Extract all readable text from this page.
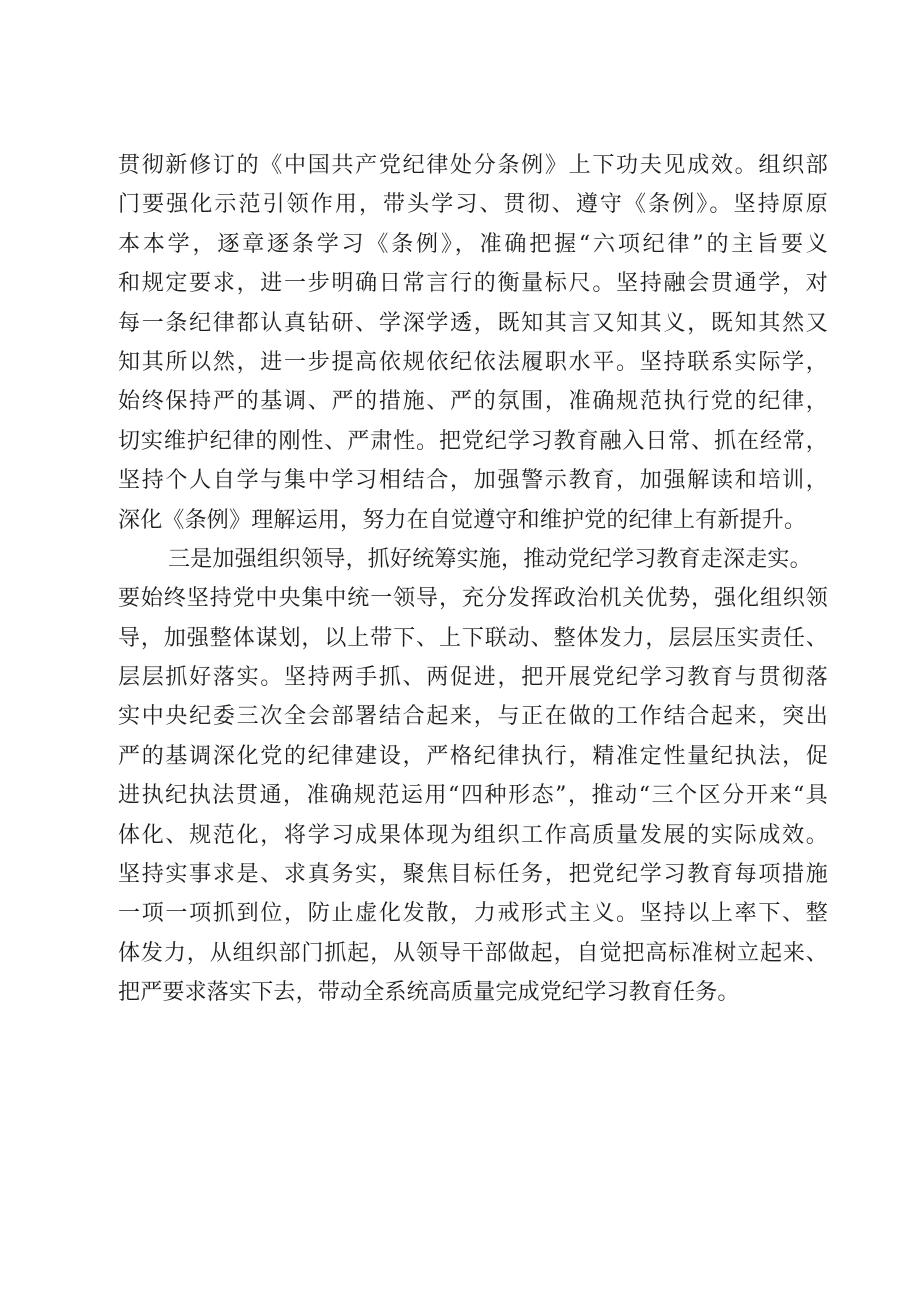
贯彻新修订的《中国共产党纪律处分条例》上下功夫见成效。组织部
门要强化示范引领作用，带头学习、贯彻、遵守《条例》。坚持原原
本本学，逐章逐条学习《条例》，准确把握“六项纪律”的主旨要义
和规定要求，进一步明确日常言行的衡量标尺。坚持融会贯通学，对
每一条纪律都认真钻研、学深学透，既知其言又知其义，既知其然又
知其所以然，进一步提高依规依纪依法履职水平。坚持联系实际学，
始终保持严的基调、严的措施、严的氛围，准确规范执行党的纪律，
切实维护纪律的刚性、严肃性。把党纪学习教育融入日常、抓在经常，
坚持个人自学与集中学习相结合，加强警示教育，加强解读和培训，
深化《条例》理解运用，努力在自觉遵守和维护党的纪律上有新提升。
三是加强组织领导，抓好统筹实施，推动党纪学习教育走深走实。
要始终坚持党中央集中统一领导，充分发挥政治机关优势，强化组织领
导，加强整体谋划，以上带下、上下联动、整体发力，层层压实责任、
层层抓好落实。坚持两手抓、两促进，把开展党纪学习教育与贯彻落
实中央纪委三次全会部署结合起来，与正在做的工作结合起来，突出
严的基调深化党的纪律建设，严格纪律执行，精准定性量纪执法，促
进执纪执法贯通，准确规范运用“四种形态”，推动“三个区分开来“具
体化、规范化，将学习成果体现为组织工作高质量发展的实际成效。
坚持实事求是、求真务实，聚焦目标任务，把党纪学习教育每项措施
一项一项抓到位，防止虚化发散，力戒形式主义。坚持以上率下、整
体发力，从组织部门抓起，从领导干部做起，自觉把高标准树立起来、
把严要求落实下去，带动全系统高质量完成党纪学习教育任务。
